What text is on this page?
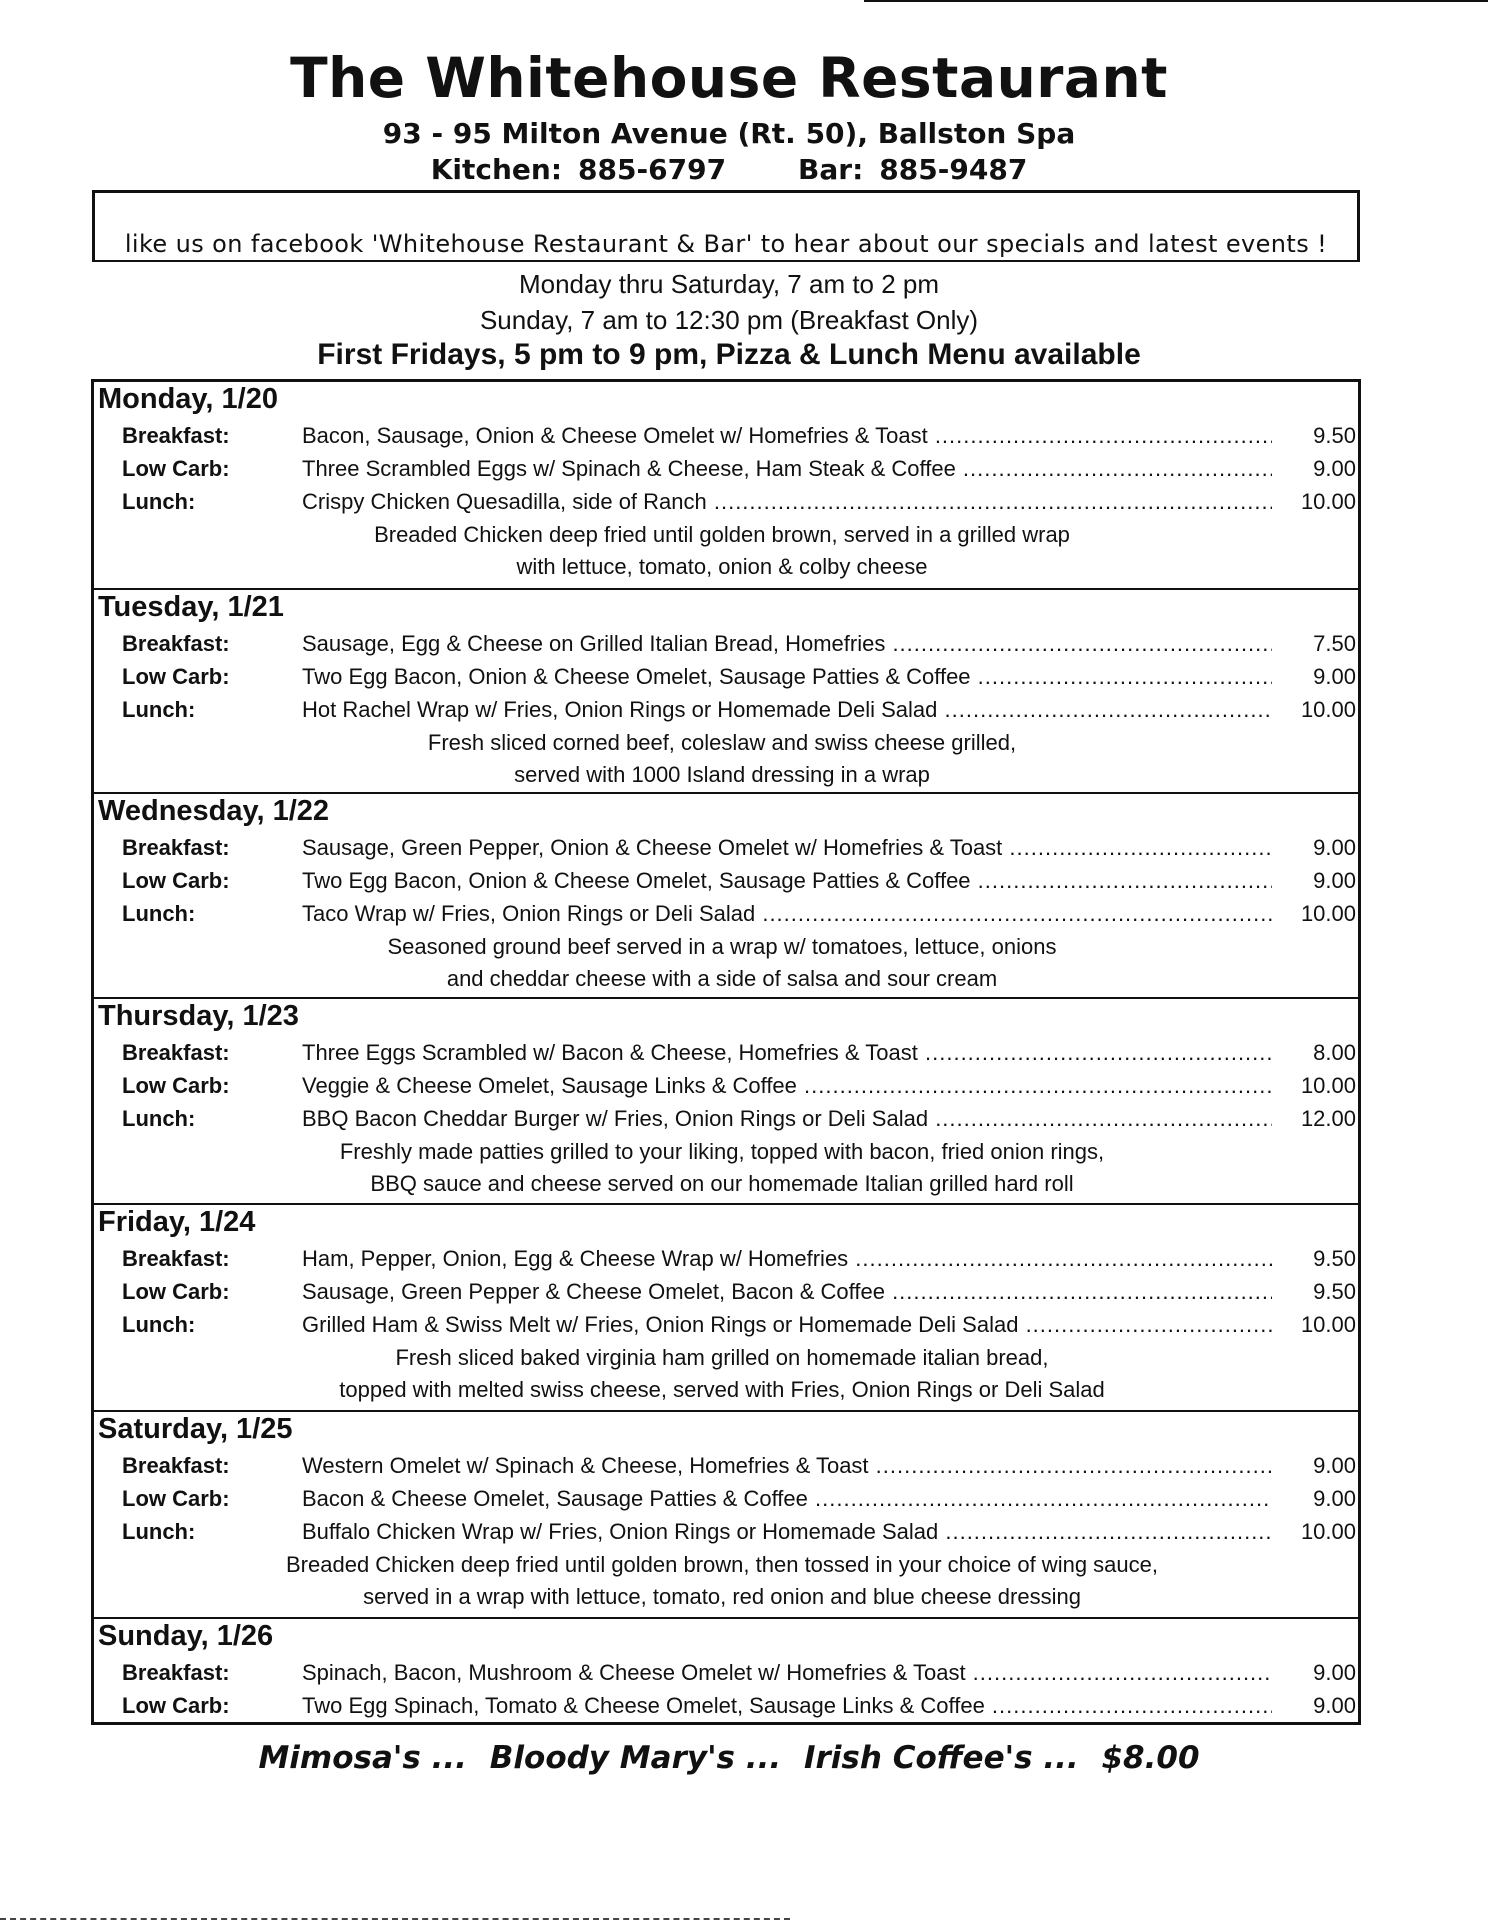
The Whitehouse Restaurant
93 - 95 Milton Avenue (Rt. 50), Ballston Spa
Kitchen: 885-6797	Bar: 885-9487
like us on facebook 'Whitehouse Restaurant & Bar' to hear about our specials and latest events !
Monday thru Saturday, 7 am to 2 pm
Sunday, 7 am to 12:30 pm (Breakfast Only)
First Fridays, 5 pm to 9 pm, Pizza & Lunch Menu available
Monday, 1/20
Breakfast:	Bacon, Sausage, Onion & Cheese Omelet w/ Homefries & Toast .....	9.50
Low Carb:	Three Scrambled Eggs w/ Spinach & Cheese, Ham Steak & Coffee .....	9.00
Lunch:	Crispy Chicken Quesadilla, side of Ranch .....	10.00
Breaded Chicken deep fried until golden brown, served in a grilled wrap
with lettuce, tomato, onion & colby cheese
Tuesday, 1/21
Breakfast:	Sausage, Egg & Cheese on Grilled Italian Bread, Homefries .....	7.50
Low Carb:	Two Egg Bacon, Onion & Cheese Omelet, Sausage Patties & Coffee .....	9.00
Lunch:	Hot Rachel Wrap w/ Fries, Onion Rings or Homemade Deli Salad .....	10.00
Fresh sliced corned beef, coleslaw and swiss cheese grilled,
served with 1000 Island dressing in a wrap
Wednesday, 1/22
Breakfast:	Sausage, Green Pepper, Onion & Cheese Omelet w/ Homefries & Toast .....	9.00
Low Carb:	Two Egg Bacon, Onion & Cheese Omelet, Sausage Patties & Coffee .....	9.00
Lunch:	Taco Wrap w/ Fries, Onion Rings or Deli Salad .....	10.00
Seasoned ground beef served in a wrap w/ tomatoes, lettuce, onions
and cheddar cheese with a side of salsa and sour cream
Thursday, 1/23
Breakfast:	Three Eggs Scrambled w/ Bacon & Cheese, Homefries & Toast .....	8.00
Low Carb:	Veggie & Cheese Omelet, Sausage Links & Coffee .....	10.00
Lunch:	BBQ Bacon Cheddar Burger w/ Fries, Onion Rings or Deli Salad .....	12.00
Freshly made patties grilled to your liking, topped with bacon, fried onion rings,
BBQ sauce and cheese served on our homemade Italian grilled hard roll
Friday, 1/24
Breakfast:	Ham, Pepper, Onion, Egg & Cheese Wrap w/ Homefries .....	9.50
Low Carb:	Sausage, Green Pepper & Cheese Omelet, Bacon & Coffee .....	9.50
Lunch:	Grilled Ham & Swiss Melt w/ Fries, Onion Rings or Homemade Deli Salad .....	10.00
Fresh sliced baked virginia ham grilled on homemade italian bread,
topped with melted swiss cheese, served with Fries, Onion Rings or Deli Salad
Saturday, 1/25
Breakfast:	Western Omelet w/ Spinach & Cheese, Homefries & Toast .....	9.00
Low Carb:	Bacon & Cheese Omelet, Sausage Patties & Coffee .....	9.00
Lunch:	Buffalo Chicken Wrap w/ Fries, Onion Rings or Homemade Salad .....	10.00
Breaded Chicken deep fried until golden brown, then tossed in your choice of wing sauce,
served in a wrap with lettuce, tomato, red onion and blue cheese dressing
Sunday, 1/26
Breakfast:	Spinach, Bacon, Mushroom & Cheese Omelet w/ Homefries & Toast .....	9.00
Low Carb:	Two Egg Spinach, Tomato & Cheese Omelet, Sausage Links & Coffee .....	9.00
Mimosa's ... Bloody Mary's ... Irish Coffee's ... $8.00
